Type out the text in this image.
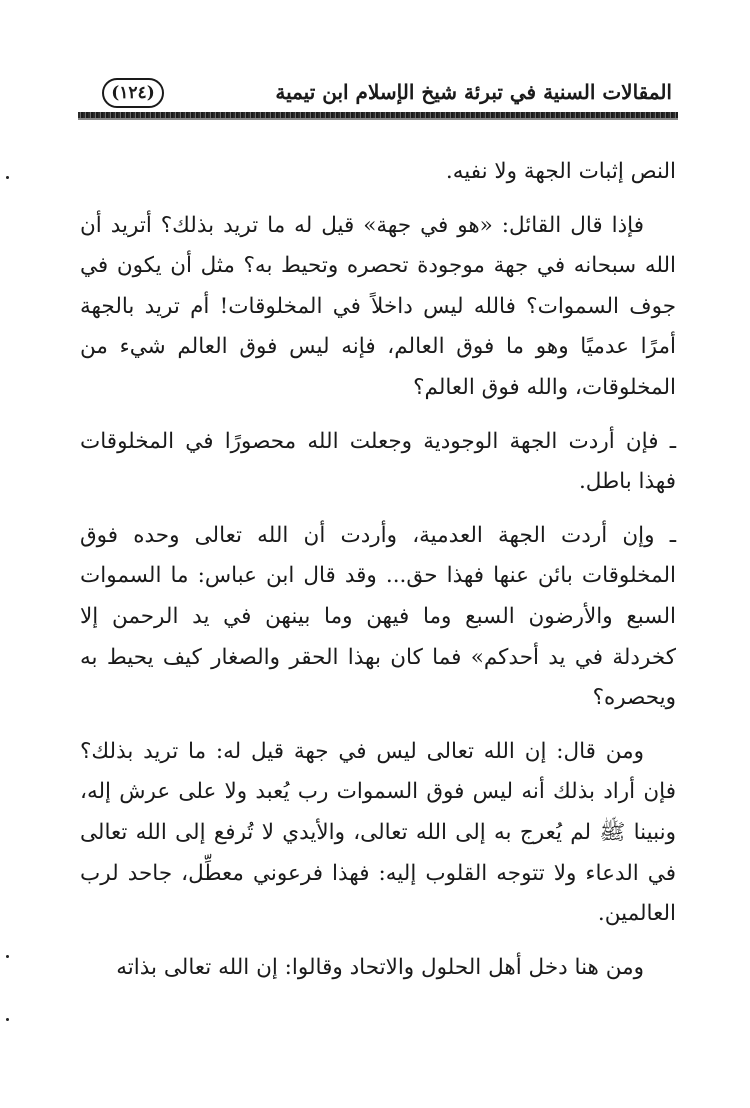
المقالات السنية في تبرئة شيخ الإسلام ابن تيمية
(١٢٤)

النص إثبات الجهة ولا نفيه.

فإذا قال القائل: «هو في جهة» قيل له ما تريد بذلك؟ أتريد أن الله سبحانه في جهة موجودة تحصره وتحيط به؟ مثل أن يكون في جوف السموات؟ فالله ليس داخلاً في المخلوقات! أم تريد بالجهة أمرًا عدميًا وهو ما فوق العالم، فإنه ليس فوق العالم شيء من المخلوقات، والله فوق العالم؟

ـ فإن أردت الجهة الوجودية وجعلت الله محصورًا في المخلوقات فهذا باطل.

ـ وإن أردت الجهة العدمية، وأردت أن الله تعالى وحده فوق المخلوقات بائن عنها فهذا حق... وقد قال ابن عباس: ما السموات السبع والأرضون السبع وما فيهن وما بينهن في يد الرحمن إلا كخردلة في يد أحدكم» فما كان بهذا الحقر والصغار كيف يحيط به ويحصره؟

ومن قال: إن الله تعالى ليس في جهة قيل له: ما تريد بذلك؟ فإن أراد بذلك أنه ليس فوق السموات رب يُعبد ولا على عرش إله، ونبينا ﷺ لم يُعرج به إلى الله تعالى، والأيدي لا تُرفع إلى الله تعالى في الدعاء ولا تتوجه القلوب إليه: فهذا فرعوني معطِّل، جاحد لرب العالمين.

ومن هنا دخل أهل الحلول والاتحاد وقالوا: إن الله تعالى بذاته
